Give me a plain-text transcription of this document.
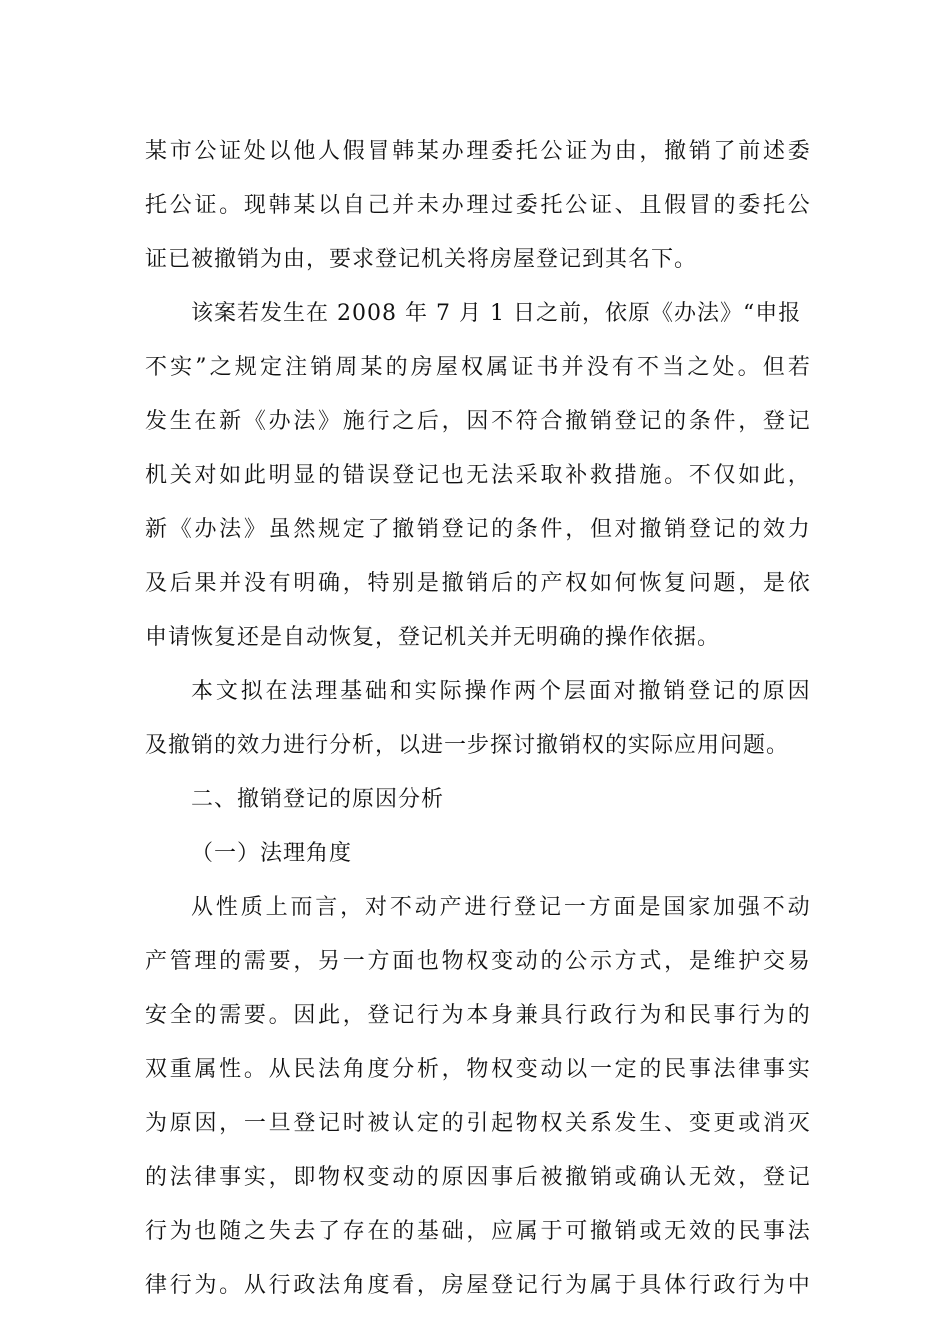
某 市 公 证 处 以 他 人 假 冒 韩 某 办 理 委 托 公 证 为 由 ， 撤 销 了 前 述 委
托 公 证 。 现 韩 某 以 自 己 并 未 办 理 过 委 托 公 证 、 且 假 冒 的 委 托 公
证已被撤销为由，要求登记机关将房屋登记到其名下。
该案若发生在 2008 年 7 月 1 日之前，依原《办法》“申报
不 实 ” 之 规 定 注 销 周 某 的 房 屋 权 属 证 书 并 没 有 不 当 之 处 。 但 若
发 生 在 新 《 办 法 》 施 行 之 后 ， 因 不 符 合 撤 销 登 记 的 条 件 ， 登 记
机 关 对 如 此 明 显 的 错 误 登 记 也 无 法 采 取 补 救 措 施 。 不 仅 如 此 ，
新 《 办 法 》 虽 然 规 定 了 撤 销 登 记 的 条 件 ， 但 对 撤 销 登 记 的 效 力
及 后 果 并 没 有 明 确 ， 特 别 是 撤 销 后 的 产 权 如 何 恢 复 问 题 ， 是 依
申请恢复还是自动恢复，登记机关并无明确的操作依据。
本 文 拟 在 法 理 基 础 和 实 际 操 作 两 个 层 面 对 撤 销 登 记 的 原 因
及撤销的效力进行分析，以进一步探讨撤销权的实际应用问题。
二、撤销登记的原因分析
（一）法理角度
从 性 质 上 而 言 ， 对 不 动 产 进 行 登 记 一 方 面 是 国 家 加 强 不 动
产 管 理 的 需 要 ， 另 一 方 面 也 物 权 变 动 的 公 示 方 式 ， 是 维 护 交 易
安 全 的 需 要 。 因 此 ， 登 记 行 为 本 身 兼 具 行 政 行 为 和 民 事 行 为 的
双 重 属 性 。 从 民 法 角 度 分 析 ， 物 权 变 动 以 一 定 的 民 事 法 律 事 实
为 原 因 ， 一 旦 登 记 时 被 认 定 的 引 起 物 权 关 系 发 生 、 变 更 或 消 灭
的 法 律 事 实 ， 即 物 权 变 动 的 原 因 事 后 被 撤 销 或 确 认 无 效 ， 登 记
行 为 也 随 之 失 去 了 存 在 的 基 础 ， 应 属 于 可 撤 销 或 无 效 的 民 事 法
律 行 为 。 从 行 政 法 角 度 看 ， 房 屋 登 记 行 为 属 于 具 体 行 政 行 为 中
